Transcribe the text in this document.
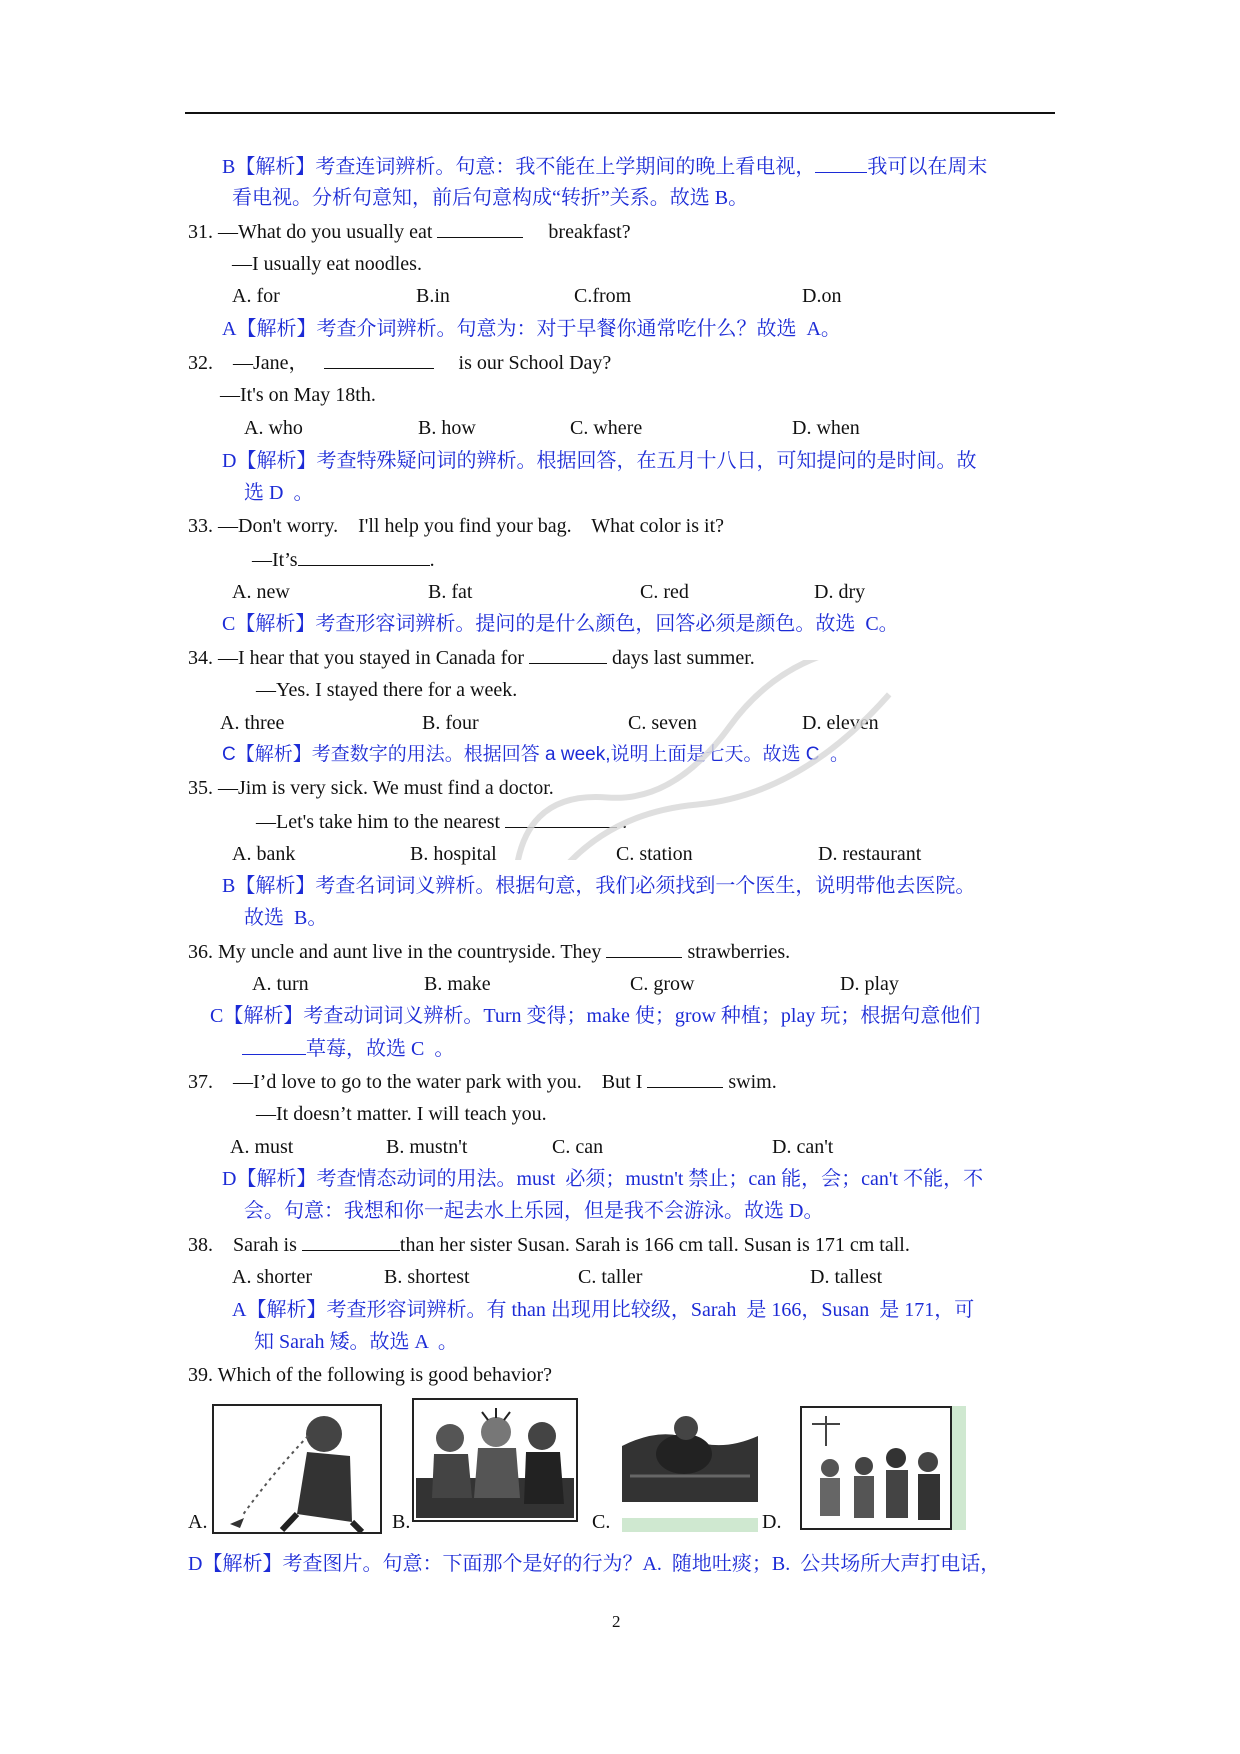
B【解析】考查连词辨析。句意：我不能在上学期间的晚上看电视，	我可以在周末
看电视。分析句意知，前后句意构成“转折”关系。故选 B。
31. —What do you usually eat	breakfast?
—I usually eat noodles.
A. for	B.in	C.from	D.on
A【解析】考查介词辨析。句意为：对于早餐你通常吃什么？故选  A。
32. —Jane，	is our School Day?
—It's on May 18th.
A. who	B. how	C. where	D. when
D【解析】考查特殊疑问词的辨析。根据回答，在五月十八日，可知提问的是时间。故
选 D  。
33. —Don't worry.    I'll help you find your bag.    What color is it?
—It’s	.
A. new	B. fat	C. red	D. dry
C【解析】考查形容词辨析。提问的是什么颜色，回答必须是颜色。故选  C。
34. —I hear that you stayed in Canada for	days last summer.
—Yes. I stayed there for a week.
A. three	B. four	C. seven	D. eleven
C【解析】考查数字的用法。根据回答 a week,说明上面是七天。故选 C  。
35. —Jim is very sick. We must find a doctor.
—Let's take him to the nearest	.
A. bank	B. hospital	C. station	D. restaurant
B【解析】考查名词词义辨析。根据句意，我们必须找到一个医生，说明带他去医院。
故选  B。
36. My uncle and aunt live in the countryside. They	strawberries.
A. turn	B. make	C. grow	D. play
C【解析】考查动词词义辨析。Turn 变得；make 使；grow 种植；play 玩；根据句意他们
草莓，故选 C  。
37. —I’d love to go to the water park with you.    But I	swim.
—It doesn’t matter. I will teach you.
A. must	B. mustn't	C. can	D. can't
D【解析】考查情态动词的用法。must  必须；mustn't 禁止；can 能，会；can't 不能，不
会。句意：我想和你一起去水上乐园，但是我不会游泳。故选 D。
38. Sarah is	than her sister Susan. Sarah is 166 cm tall. Susan is 171 cm tall.
A. shorter	B. shortest	C. taller	D. tallest
A【解析】考查形容词辨析。有 than 出现用比较级，Sarah  是 166，Susan  是 171，可
知 Sarah 矮。故选 A  。
39. Which of the following is good behavior?
A.	B.	C.	D.
D【解析】考查图片。句意：下面那个是好的行为？A.  随地吐痰；B.  公共场所大声打电话，
2
